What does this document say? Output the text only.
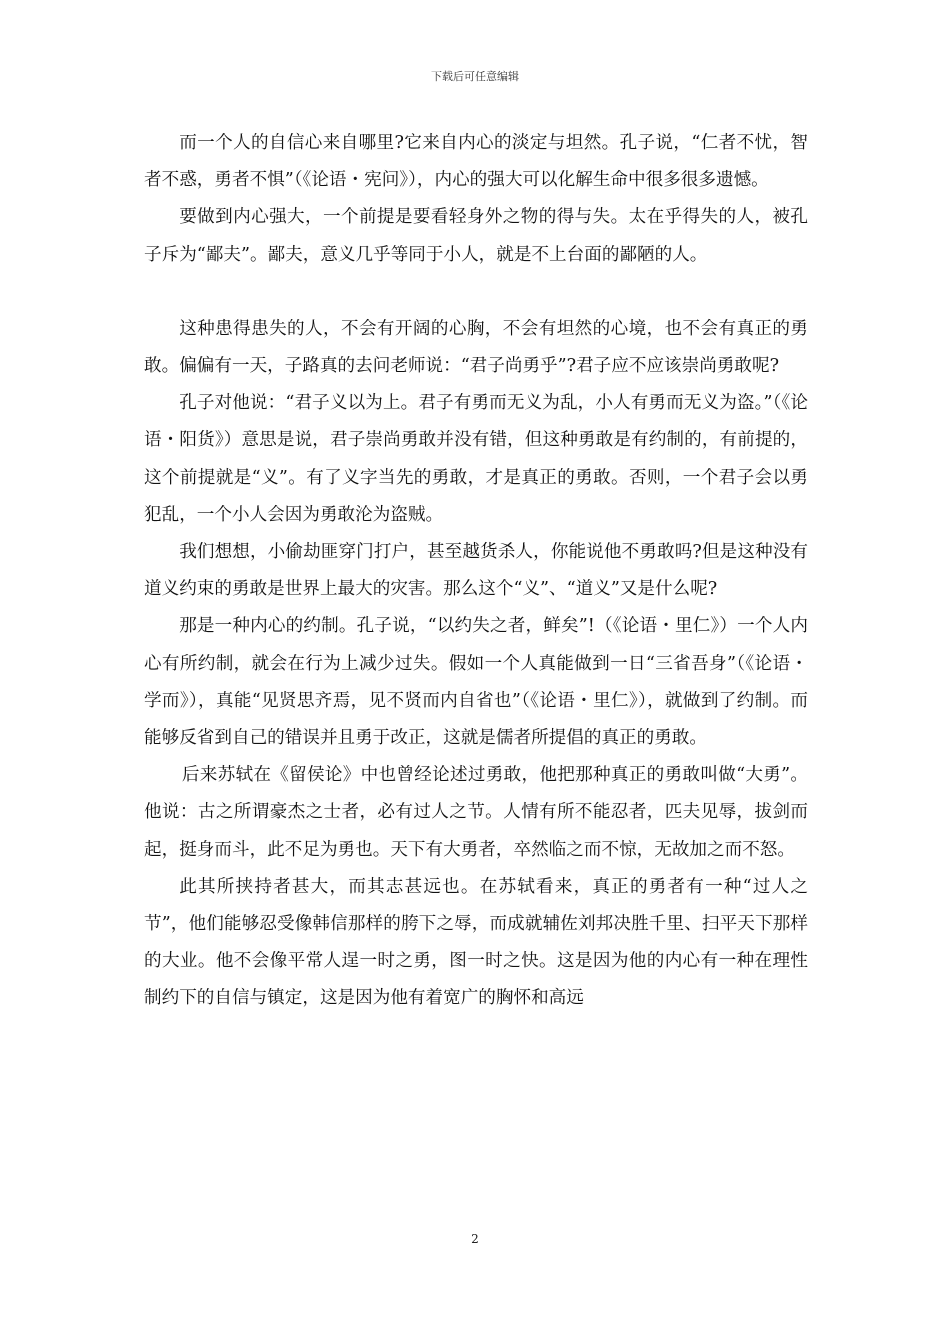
下载后可任意编辑

而一个人的自信心来自哪里?它来自内心的淡定与坦然。孔子说，“仁者不忧，智者不惑，勇者不惧”（《论语・宪问》），内心的强大可以化解生命中很多很多遗憾。

要做到内心强大，一个前提是要看轻身外之物的得与失。太在乎得失的人，被孔子斥为“鄙夫”。鄙夫，意义几乎等同于小人，就是不上台面的鄙陋的人。

这种患得患失的人，不会有开阔的心胸，不会有坦然的心境，也不会有真正的勇敢。偏偏有一天，子路真的去问老师说：“君子尚勇乎”?君子应不应该崇尚勇敢呢?

孔子对他说：“君子义以为上。君子有勇而无义为乱，小人有勇而无义为盗。”（《论语・阳货》）意思是说，君子崇尚勇敢并没有错，但这种勇敢是有约制的，有前提的，这个前提就是“义”。有了义字当先的勇敢，才是真正的勇敢。否则，一个君子会以勇犯乱，一个小人会因为勇敢沦为盗贼。

我们想想，小偷劫匪穿门打户，甚至越货杀人，你能说他不勇敢吗?但是这种没有道义约束的勇敢是世界上最大的灾害。那么这个“义”、“道义”又是什么呢?

那是一种内心的约制。孔子说，“以约失之者，鲜矣”!（《论语・里仁》）一个人内心有所约制，就会在行为上减少过失。假如一个人真能做到一日“三省吾身”（《论语・学而》），真能“见贤思齐焉，见不贤而内自省也”（《论语・里仁》），就做到了约制。而能够反省到自己的错误并且勇于改正，这就是儒者所提倡的真正的勇敢。

后来苏轼在《留侯论》中也曾经论述过勇敢，他把那种真正的勇敢叫做“大勇”。他说：古之所谓豪杰之士者，必有过人之节。人情有所不能忍者，匹夫见辱，拔剑而起，挺身而斗，此不足为勇也。天下有大勇者，卒然临之而不惊，无故加之而不怒。

此其所挟持者甚大，而其志甚远也。在苏轼看来，真正的勇者有一种“过人之节”，他们能够忍受像韩信那样的胯下之辱，而成就辅佐刘邦决胜千里、扫平天下那样的大业。他不会像平常人逞一时之勇，图一时之快。这是因为他的内心有一种在理性制约下的自信与镇定，这是因为他有着宽广的胸怀和高远

2
